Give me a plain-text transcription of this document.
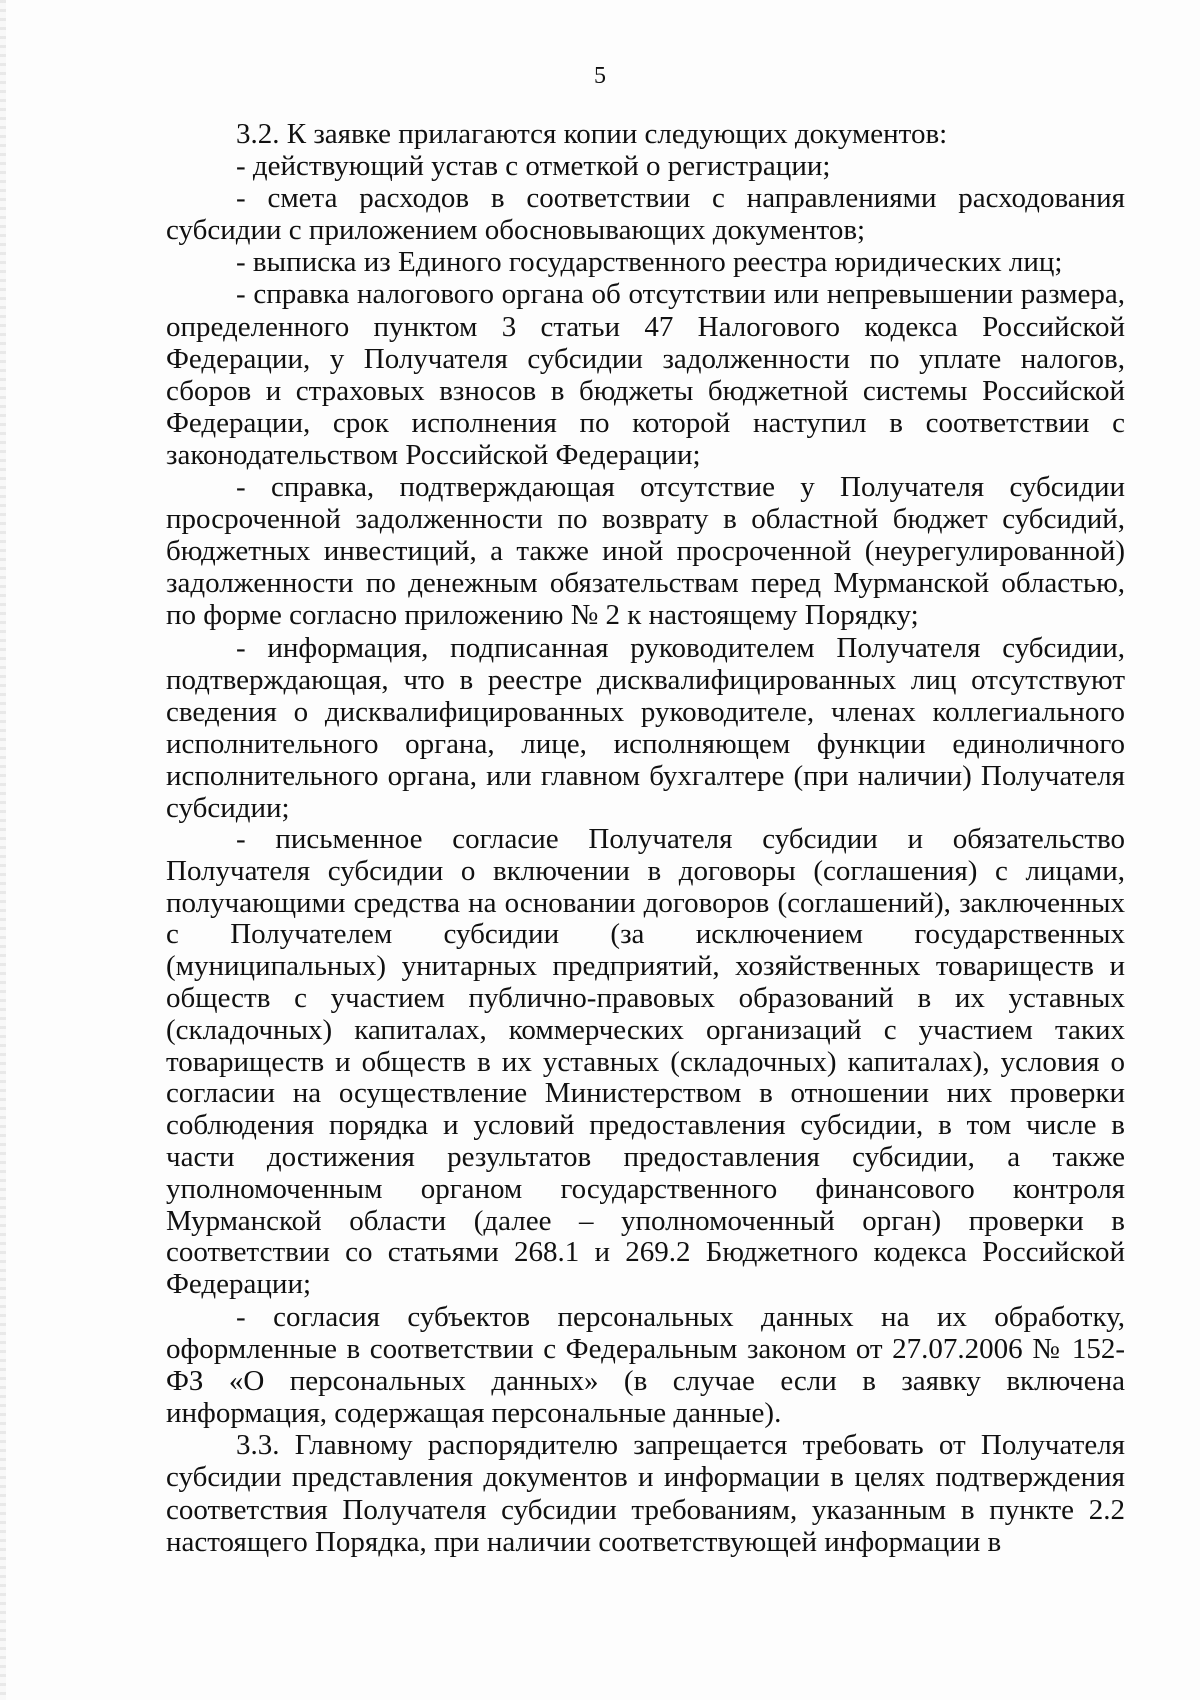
5

3.2. К заявке прилагаются копии следующих документов:

- действующий устав с отметкой о регистрации;

- смета расходов в соответствии с направлениями расходования субсидии с приложением обосновывающих документов;

- выписка из Единого государственного реестра юридических лиц;

- справка налогового органа об отсутствии или непревышении размера, определенного пунктом 3 статьи 47 Налогового кодекса Российской Федерации, у Получателя субсидии задолженности по уплате налогов, сборов и страховых взносов в бюджеты бюджетной системы Российской Федерации, срок исполнения по которой наступил в соответствии с законодательством Российской Федерации;

- справка, подтверждающая отсутствие у Получателя субсидии просроченной задолженности по возврату в областной бюджет субсидий, бюджетных инвестиций, а также иной просроченной (неурегулированной) задолженности по денежным обязательствам перед Мурманской областью, по форме согласно приложению № 2 к настоящему Порядку;

- информация, подписанная руководителем Получателя субсидии, подтверждающая, что в реестре дисквалифицированных лиц отсутствуют сведения о дисквалифицированных руководителе, членах коллегиального исполнительного органа, лице, исполняющем функции единоличного исполнительного органа, или главном бухгалтере (при наличии) Получателя субсидии;

- письменное согласие Получателя субсидии и обязательство Получателя субсидии о включении в договоры (соглашения) с лицами, получающими средства на основании договоров (соглашений), заключенных с Получателем субсидии (за исключением государственных (муниципальных) унитарных предприятий, хозяйственных товариществ и обществ с участием публично-правовых образований в их уставных (складочных) капиталах, коммерческих организаций с участием таких товариществ и обществ в их уставных (складочных) капиталах), условия о согласии на осуществление Министерством в отношении них проверки соблюдения порядка и условий предоставления субсидии, в том числе в части достижения результатов предоставления субсидии, а также уполномоченным органом государственного финансового контроля Мурманской области (далее – уполномоченный орган) проверки в соответствии со статьями 268.1 и 269.2 Бюджетного кодекса Российской Федерации;

- согласия субъектов персональных данных на их обработку, оформленные в соответствии с Федеральным законом от 27.07.2006 № 152-ФЗ «О персональных данных» (в случае если в заявку включена информация, содержащая персональные данные).

3.3. Главному распорядителю запрещается требовать от Получателя субсидии представления документов и информации в целях подтверждения соответствия Получателя субсидии требованиям, указанным в пункте 2.2 настоящего Порядка, при наличии соответствующей информации в
